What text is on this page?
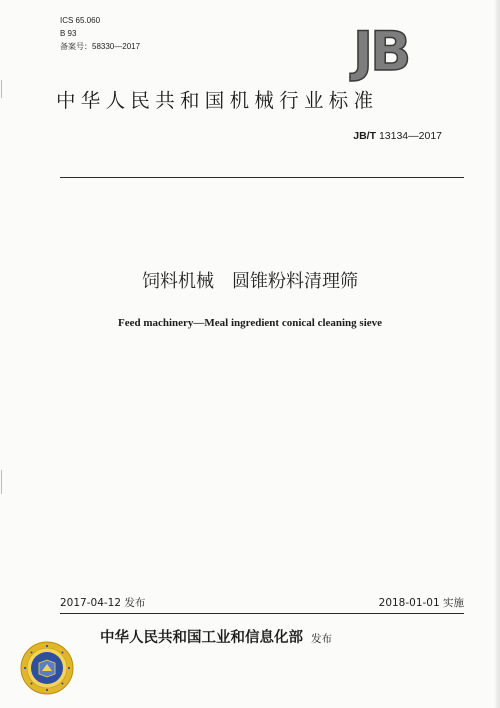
ICS 65.060
B 93
备案号：58330—2017	JB
中华人民共和国机械行业标准
JB/T 13134—2017
饲料机械 圆锥粉料清理筛
Feed machinery—Meal ingredient conical cleaning sieve
2017-04-12 发布	2018-01-01 实施
中华人民共和国工业和信息化部 发布
